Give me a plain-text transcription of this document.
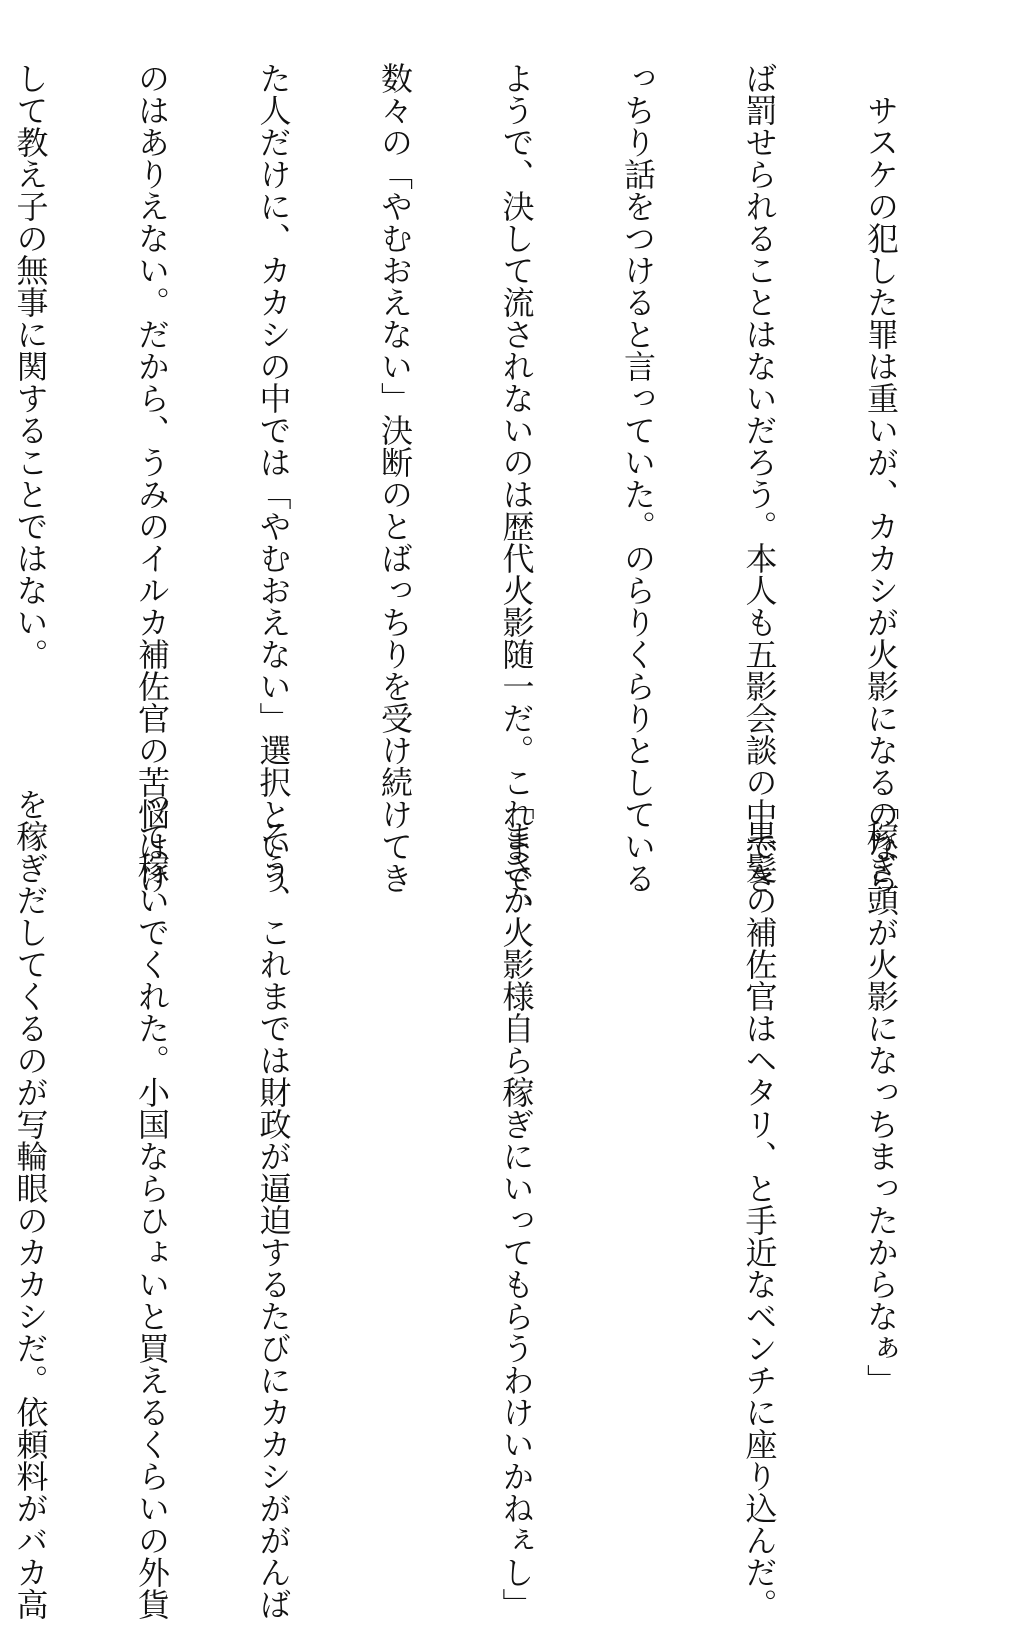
　サスケの犯した罪は重いが、カカシが火影になるのなら

ば罰せられることはないだろう。本人も五影会談の中でき

っちり話をつけると言っていた。のらりくらりとしている

ようで、決して流されないのは歴代火影随一だ。これまで、

数々の「やむおえない」決断のとばっちりを受け続けてき

た人だけに、カカシの中では「やむおえない」選択という

のはありえない。だから、うみのイルカ補佐官の苦悩はけ

して教え子の無事に関することではない。

「稼ぎ頭が火影になっちまったからなぁ」

　黒髪の補佐官はヘタリ、と手近なベンチに座り込んだ。

「まさか火影様自ら稼ぎにいってもらうわけいかねぇし」

　そう、これまでは財政が逼迫するたびにカカシががんば

って稼いでくれた。小国ならひょいと買えるくらいの外貨

を稼ぎだしてくるのが写輪眼のカカシだ。依頼料がバカ高
